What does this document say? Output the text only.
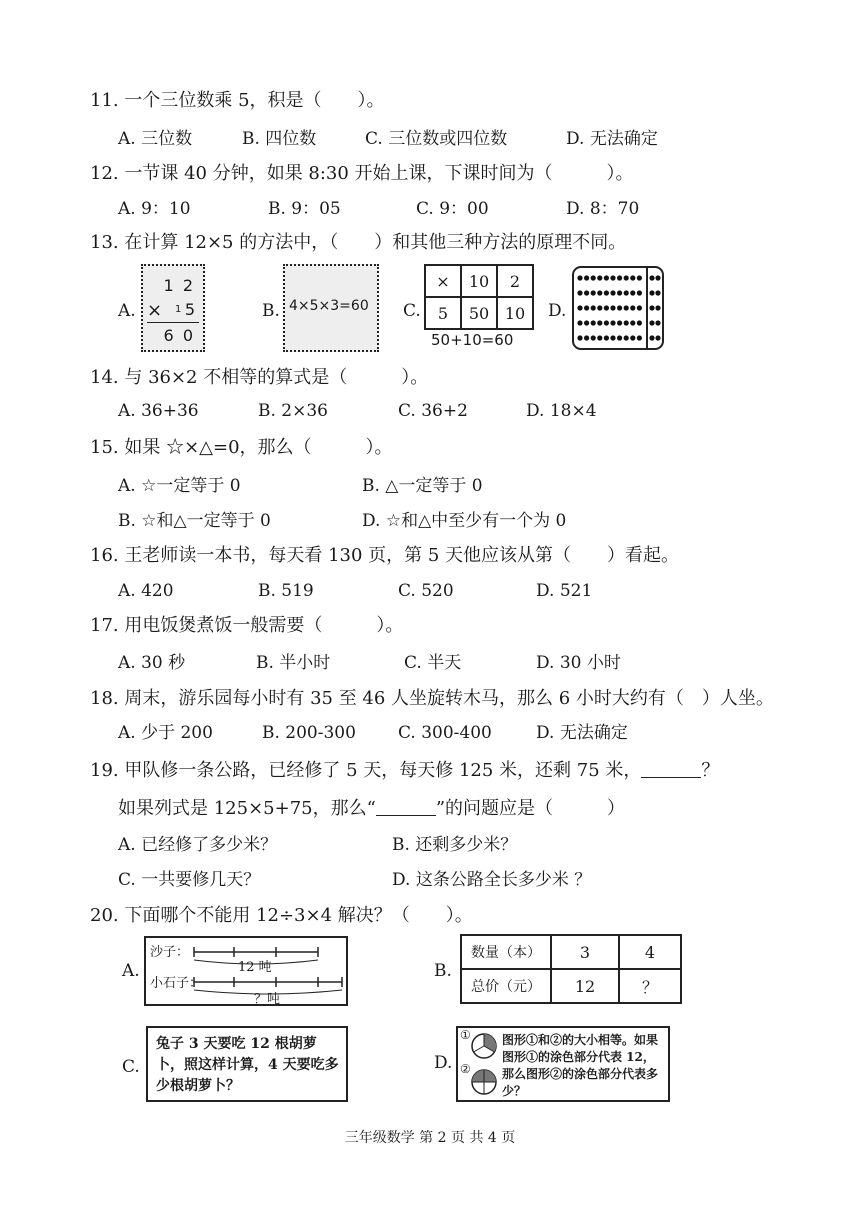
11. 一个三位数乘 5，积是（　　）。
A. 三位数	B. 四位数	C. 三位数或四位数	D. 无法确定
12. 一节课 40 分钟，如果 8:30 开始上课，下课时间为（　　　）。
A. 9：10	B. 9：05	C. 9：00	D. 8：70
13. 在计算 12×5 的方法中，（　　）和其他三种方法的原理不同。
A.
1 2
× 1 5
6 0
B. 4×5×3=60 C.
×	10	2
5	50	10
50+10=60
D.
14. 与 36×2 不相等的算式是（　　　）。
A. 36+36	B. 2×36	C. 36+2	D. 18×4
15. 如果 ☆×△=0，那么（　　　）。
A. ☆一定等于 0	B. △一定等于 0
B. ☆和△一定等于 0	D. ☆和△中至少有一个为 0
16. 王老师读一本书，每天看 130 页，第 5 天他应该从第（　　）看起。
A. 420	B. 519	C. 520	D. 521
17. 用电饭煲煮饭一般需要（　　　）。
A. 30 秒	B. 半小时	C. 半天	D. 30 小时
18. 周末，游乐园每小时有 35 至 46 人坐旋转木马，那么 6 小时大约有（　）人坐。
A. 少于 200	B. 200-300 C. 300-400	D. 无法确定
19. 甲队修一条公路，已经修了 5 天，每天修 125 米，还剩 75 米，	？
如果列式是 125×5+75，那么“	”的问题应是（　　　）
A. 已经修了多少米？	B. 还剩多少米？
C. 一共要修几天？	D. 这条公路全长多少米 ？
20. 下面哪个不能用 12÷3×4 解决？（　　）。
A.
沙子：
小石子：
12 吨
？吨
B.
数量（本）	3	4
总价（元）	12	？
C.
兔子 3 天要吃 12 根胡萝卜，照这样计算，4 天要吃多少根胡萝卜？
D.
①
②
图形①和②的大小相等。如果图形①的涂色部分代表 12，那么图形②的涂色部分代表多少？
三年级数学 第 2 页 共 4 页
